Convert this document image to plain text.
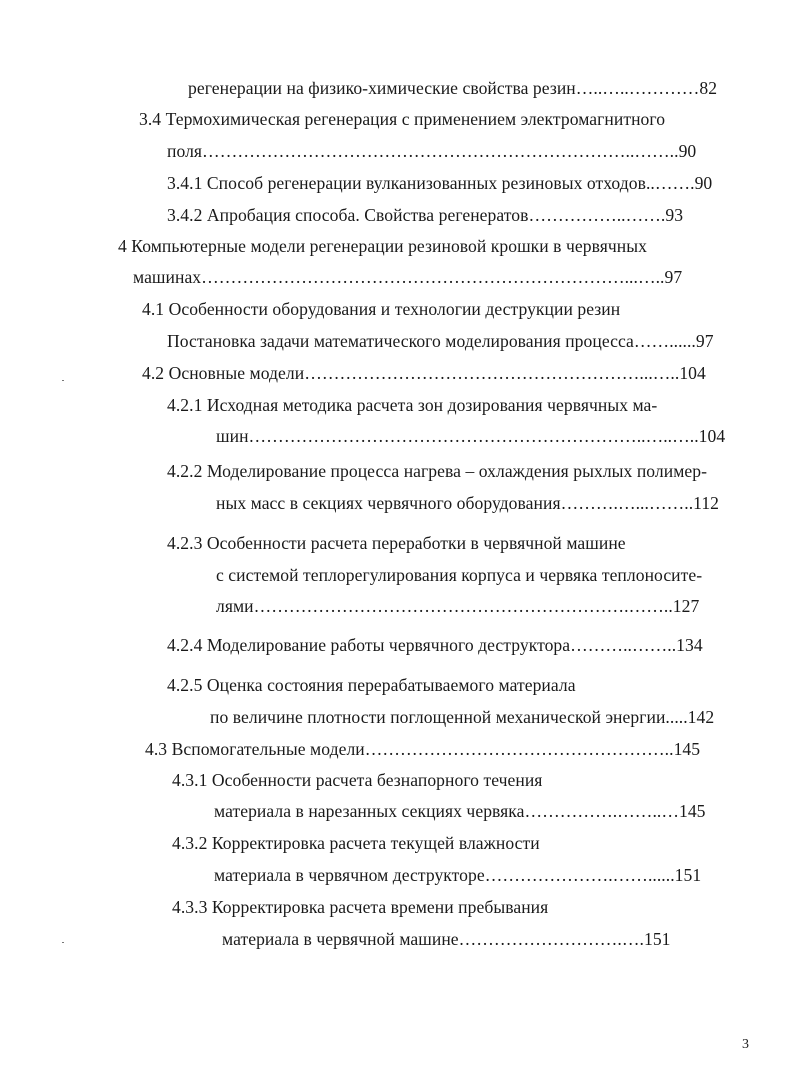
регенерации на физико-химические свойства резин…..…..…………82
3.4 Термохимическая регенерация с применением электромагнитного
поля………………………………………………………………..……..90
3.4.1 Способ регенерации вулканизованных резиновых отходов..…….90
3.4.2 Апробация способа. Свойства регенератов……………..…….93
4 Компьютерные модели регенерации резиновой крошки в червячных
машинах………………………………………………………………...…..97
4.1 Особенности оборудования и технологии деструкции резин
Постановка задачи математического моделирования процесса……......97
4.2 Основные модели…………………………………………………...…..104
4.2.1 Исходная методика расчета зон дозирования червячных ма-
шин…………………………………………………………..…..…..104
4.2.2 Моделирование процесса нагрева – охлаждения рыхлых полимер-
ных масс в секциях червячного оборудования……….…...……..112
4.2.3 Особенности расчета переработки в червячной машине
с системой теплорегулирования корпуса и червяка теплоносите-
лями……………………………………………………….……..127
4.2.4 Моделирование работы червячного деструктора………..……..134
4.2.5 Оценка состояния перерабатываемого материала
по величине плотности поглощенной механической энергии.....142
4.3 Вспомогательные модели……………………………………………..145
4.3.1 Особенности расчета безнапорного течения
материала в нарезанных секциях червяка…………….……..…145
4.3.2 Корректировка расчета текущей влажности
материала в червячном деструкторе………………….……......151
4.3.3 Корректировка расчета времени пребывания
материала в червячной машине……………………….….151
3
